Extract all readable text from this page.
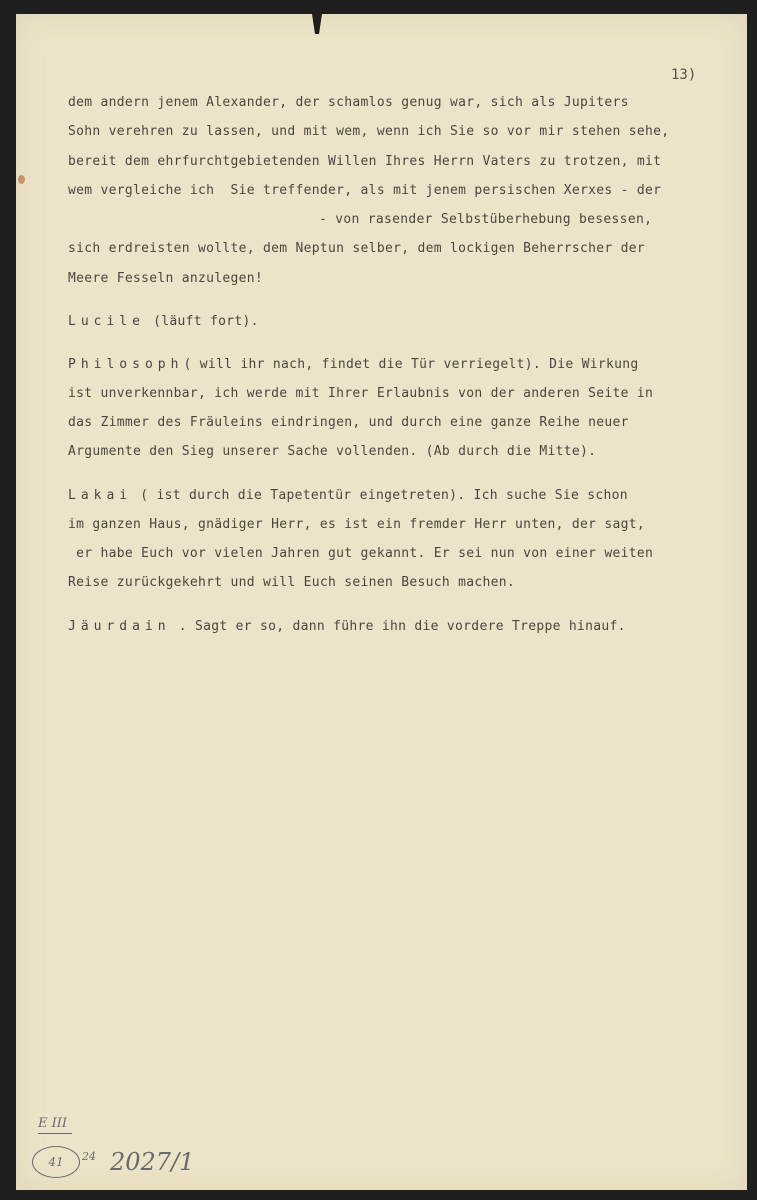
13)
dem andern jenem Alexander, der schamlos genug war, sich als Jupiters
Sohn verehren zu lassen, und mit wem, wenn ich Sie so vor mir stehen sehe,
bereit dem ehrfurchtgebietenden Willen Ihres Herrn Vaters zu trotzen, mit
wem vergleiche ich  Sie treffender, als mit jenem persischen Xerxes - der
- von rasender Selbstüberhebung besessen,
sich erdreisten wollte, dem Neptun selber, dem lockigen Beherrscher der
Meere Fesseln anzulegen!
Lucile (läuft fort).
Philosoph( will ihr nach, findet die Tür verriegelt). Die Wirkung
ist unverkennbar, ich werde mit Ihrer Erlaubnis von der anderen Seite in
das Zimmer des Fräuleins eindringen, und durch eine ganze Reihe neuer
Argumente den Sieg unserer Sache vollenden. (Ab durch die Mitte).
Lakai ( ist durch die Tapetentür eingetreten). Ich suche Sie schon
im ganzen Haus, gnädiger Herr, es ist ein fremder Herr unten, der sagt,
er habe Euch vor vielen Jahren gut gekannt. Er sei nun von einer weiten
Reise zurückgekehrt und will Euch seinen Besuch machen.
Jäurdain . Sagt er so, dann führe ihn die vordere Treppe hinauf.
E III
41	24 2027/1
